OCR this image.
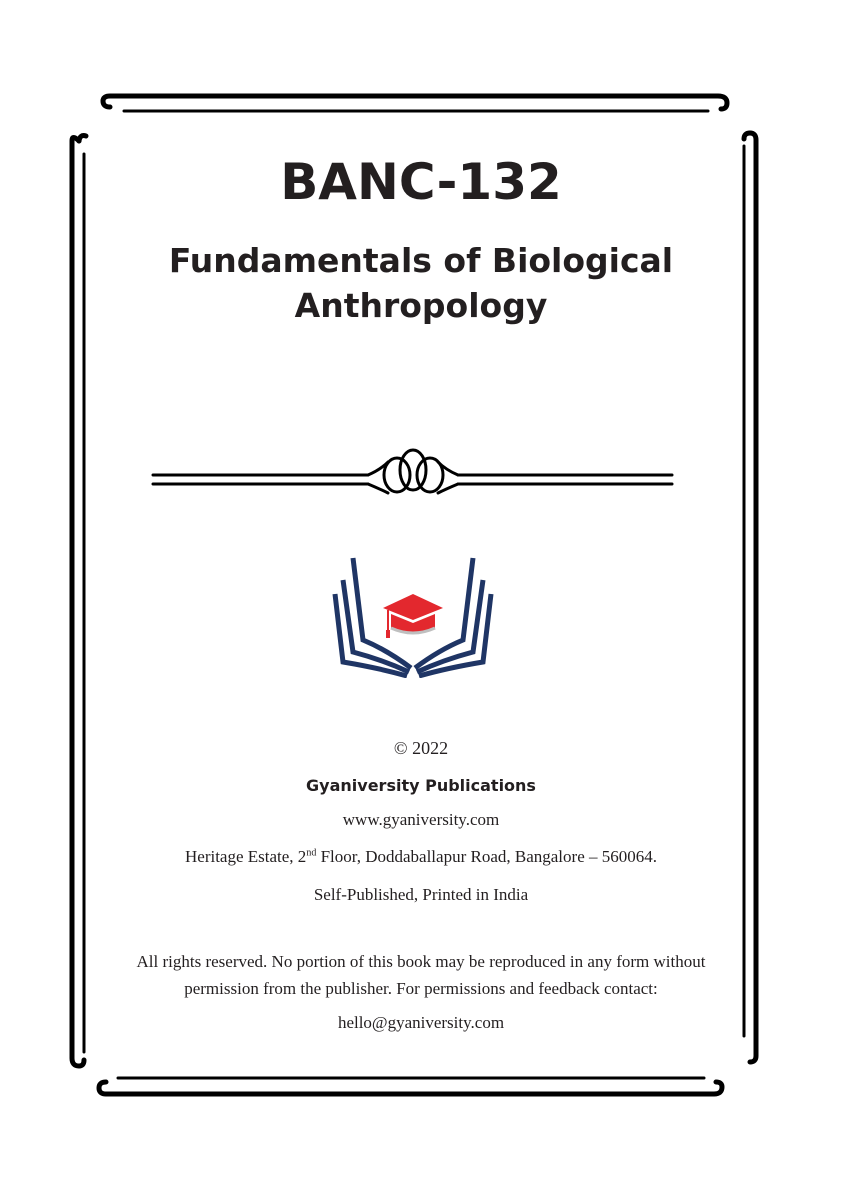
BANC-132
Fundamentals of Biological
Anthropology
© 2022
Gyaniversity Publications
www.gyaniversity.com
Heritage Estate, 2nd Floor, Doddaballapur Road, Bangalore – 560064.
Self-Published, Printed in India
All rights reserved. No portion of this book may be reproduced in any form without
permission from the publisher. For permissions and feedback contact:
hello@gyaniversity.com
